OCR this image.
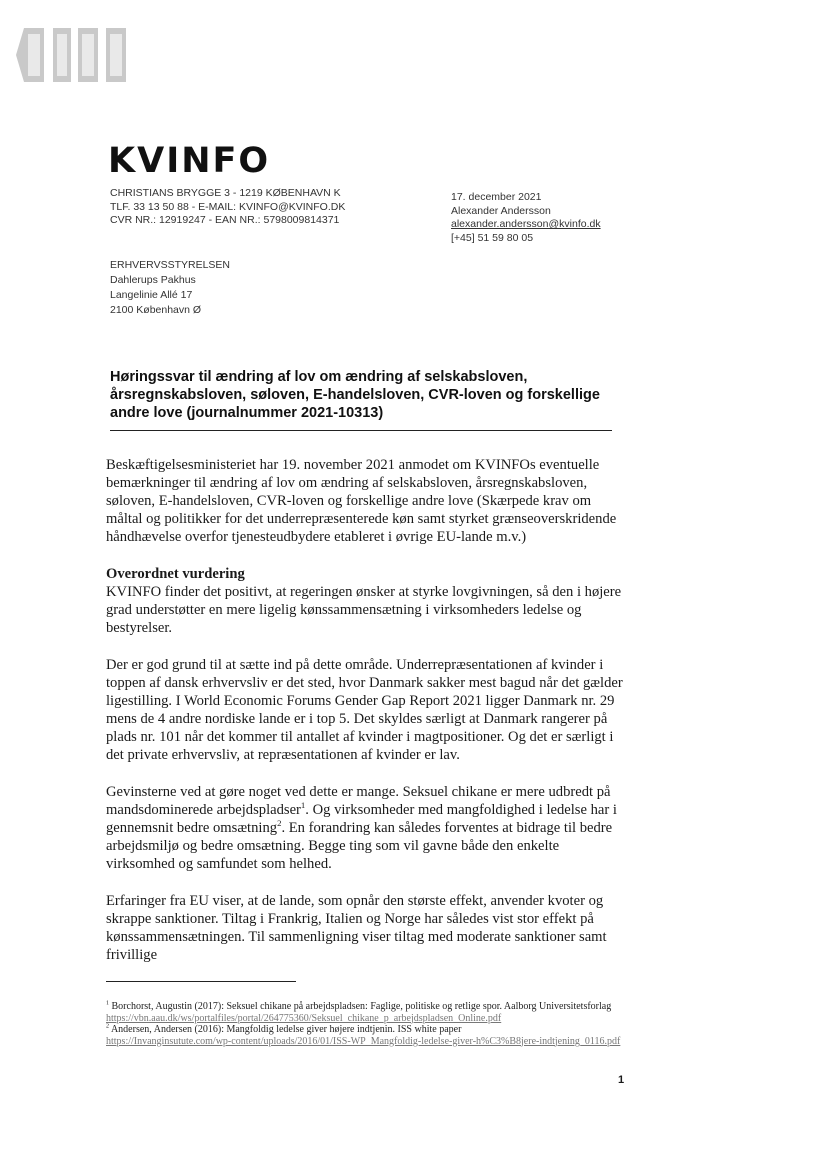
KVINFO
CHRISTIANS BRYGGE 3 - 1219 KØBENHAVN K
TLF. 33 13 50 88 - E-MAIL: KVINFO@KVINFO.DK
CVR NR.: 12919247 - EAN NR.: 5798009814371
17. december 2021
Alexander Andersson
alexander.andersson@kvinfo.dk
[+45] 51 59 80 05
ERHVERVSSTYRELSEN
Dahlerups Pakhus
Langelinie Allé 17
2100 København Ø
Høringssvar til ændring af lov om ændring af selskabsloven, årsregnskabsloven, søloven, E-handelsloven, CVR-loven og forskellige andre love (journalnummer 2021-10313)

Beskæftigelsesministeriet har 19. november 2021 anmodet om KVINFOs eventuelle bemærkninger til ændring af lov om ændring af selskabsloven, årsregnskabsloven, søloven, E-handelsloven, CVR-loven og forskellige andre love (Skærpede krav om måltal og politikker for det underrepræsenterede køn samt styrket grænseoverskridende håndhævelse overfor tjenesteudbydere etableret i øvrige EU-lande m.v.)

Overordnet vurdering

KVINFO finder det positivt, at regeringen ønsker at styrke lovgivningen, så den i højere grad understøtter en mere ligelig kønssammensætning i virksomheders ledelse og bestyrelser.

Der er god grund til at sætte ind på dette område. Underrepræsentationen af kvinder i toppen af dansk erhvervsliv er det sted, hvor Danmark sakker mest bagud når det gælder ligestilling. I World Economic Forums Gender Gap Report 2021 ligger Danmark nr. 29 mens de 4 andre nordiske lande er i top 5. Det skyldes særligt at Danmark rangerer på plads nr. 101 når det kommer til antallet af kvinder i magtpositioner. Og det er særligt i det private erhvervsliv, at repræsentationen af kvinder er lav.

Gevinsterne ved at gøre noget ved dette er mange. Seksuel chikane er mere udbredt på mandsdominerede arbejdspladser$^1$. Og virksomheder med mangfoldighed i ledelse har i gennemsnit bedre omsætning$^2$. En forandring kan således forventes at bidrage til bedre arbejdsmiljø og bedre omsætning. Begge ting som vil gavne både den enkelte virksomhed og samfundet som helhed.

Erfaringer fra EU viser, at de lande, som opnår den største effekt, anvender kvoter og skrappe sanktioner. Tiltag i Frankrig, Italien og Norge har således vist stor effekt på kønssammensætningen. Til sammenligning viser tiltag med moderate sanktioner samt frivillige

$^1$ Borchorst, Augustin (2017): Seksuel chikane på arbejdspladsen: Faglige, politiske og retlige spor. Aalborg Universitetsforlag https://vbn.aau.dk/ws/portalfiles/portal/264775360/Seksuel_chikane_p_arbejdspladsen_Online.pdf
$^2$ Andersen, Andersen (2016): Mangfoldig ledelse giver højere indtjenin. ISS white paper
https://Invanginsutute.com/wp-content/uploads/2016/01/ISS-WP_Mangfoldig-ledelse-giver-h%C3%B8jere-indtjening_0116.pdf
1
